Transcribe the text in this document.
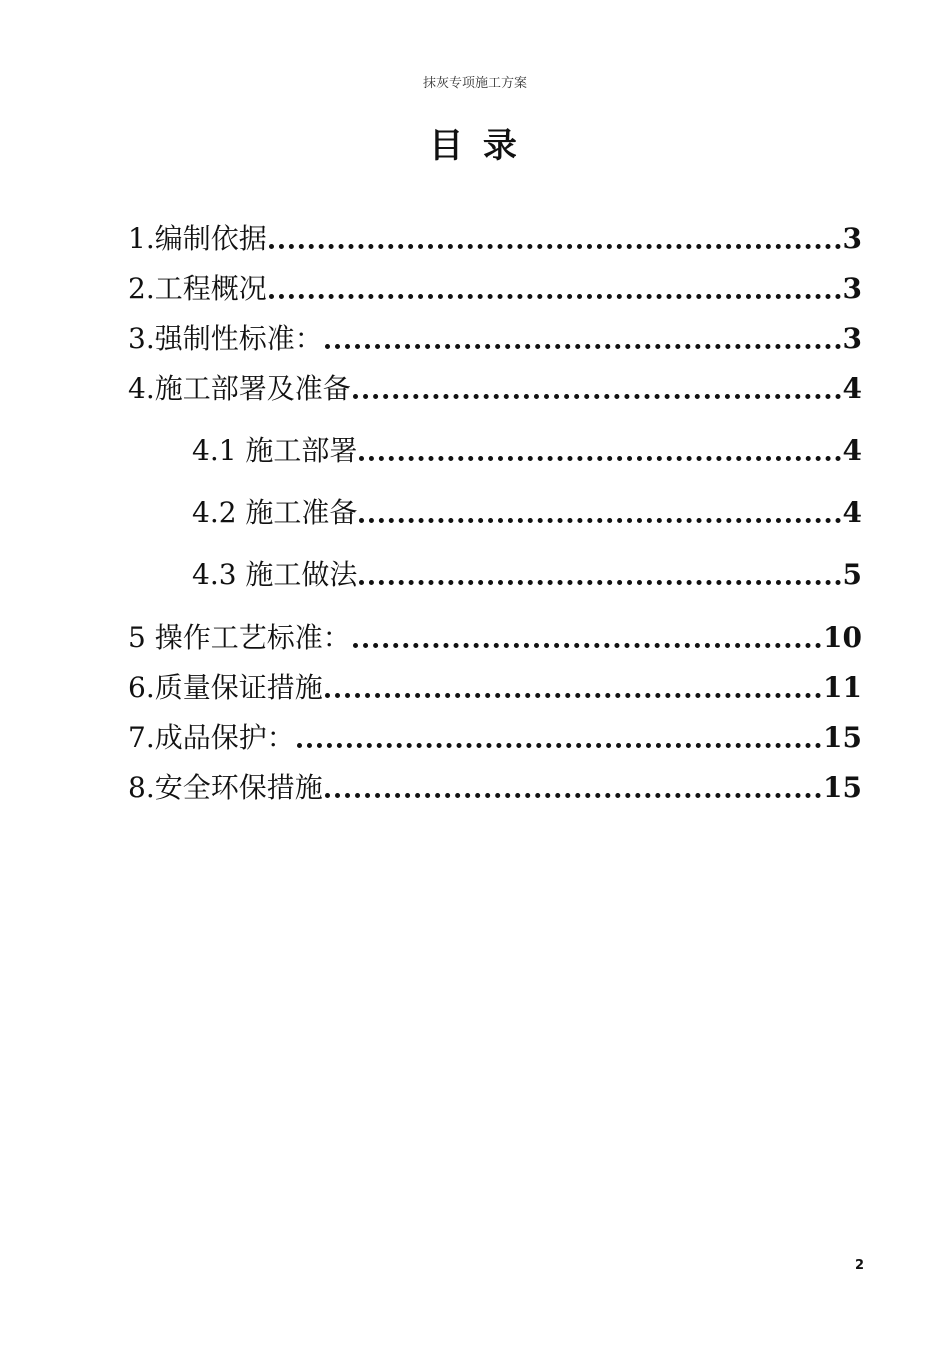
抹灰专项施工方案
目 录
1.编制依据	3
2.工程概况	3
3.强制性标准：	3
4.施工部署及准备	4
4.1 施工部署	4
4.2 施工准备	4
4.3 施工做法	5
5 操作工艺标准：	10
6.质量保证措施	11
7.成品保护：	15
8.安全环保措施	15
2
